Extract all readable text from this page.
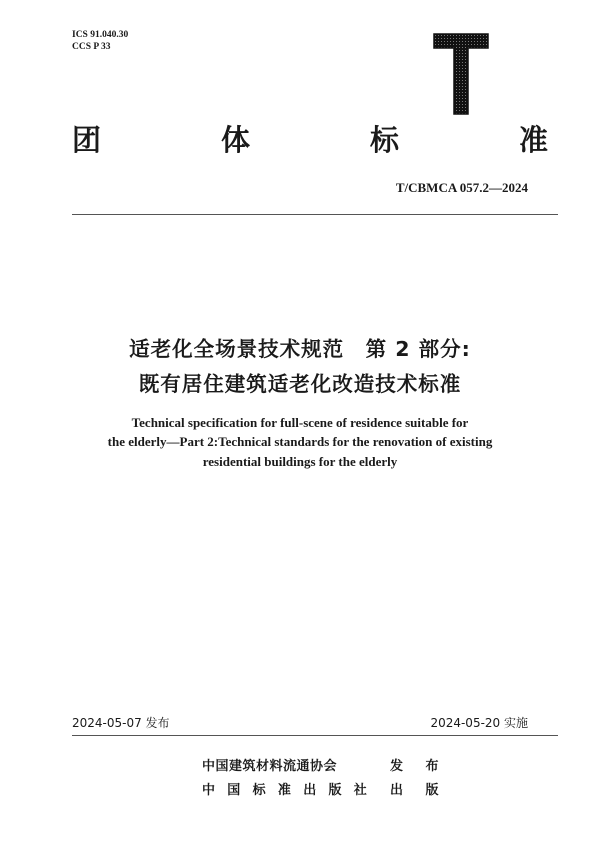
ICS 91.040.30
CCS P 33
团	体	标	准
T/CBMCA 057.2—2024
适老化全场景技术规范　第 2 部分:
既有居住建筑适老化改造技术标准
Technical specification for full-scene of residence suitable for
the elderly—Part 2:Technical standards for the renovation of existing
residential buildings for the elderly
2024-05-07 发布	2024-05-20 实施
中国建筑材料流通协会	发 布
中国标准出版社 出 版
